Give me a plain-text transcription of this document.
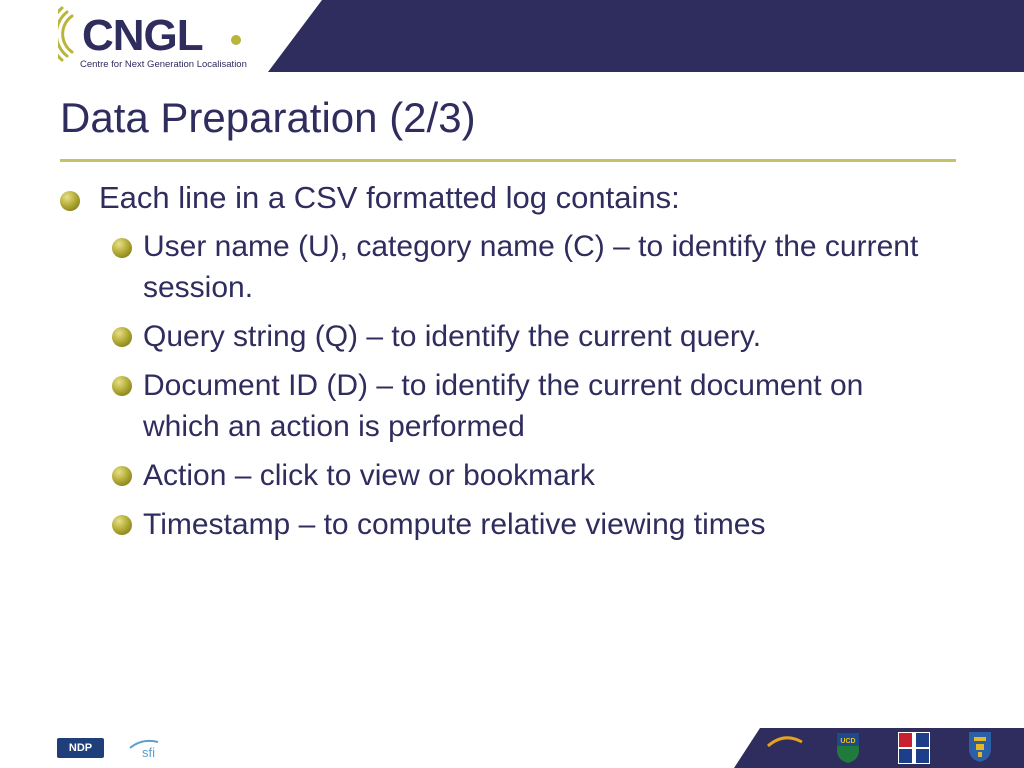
CNGL
Centre for Next Generation Localisation
Data Preparation (2/3)
Each line in a CSV formatted log contains:
User name (U), category name (C) – to identify the current session.
Query string (Q) – to identify the current query.
Document ID (D) – to identify the current document on which an action is performed
Action – click to view or bookmark
Timestamp – to compute relative viewing times
NDP	sfi	DCU
UCD
